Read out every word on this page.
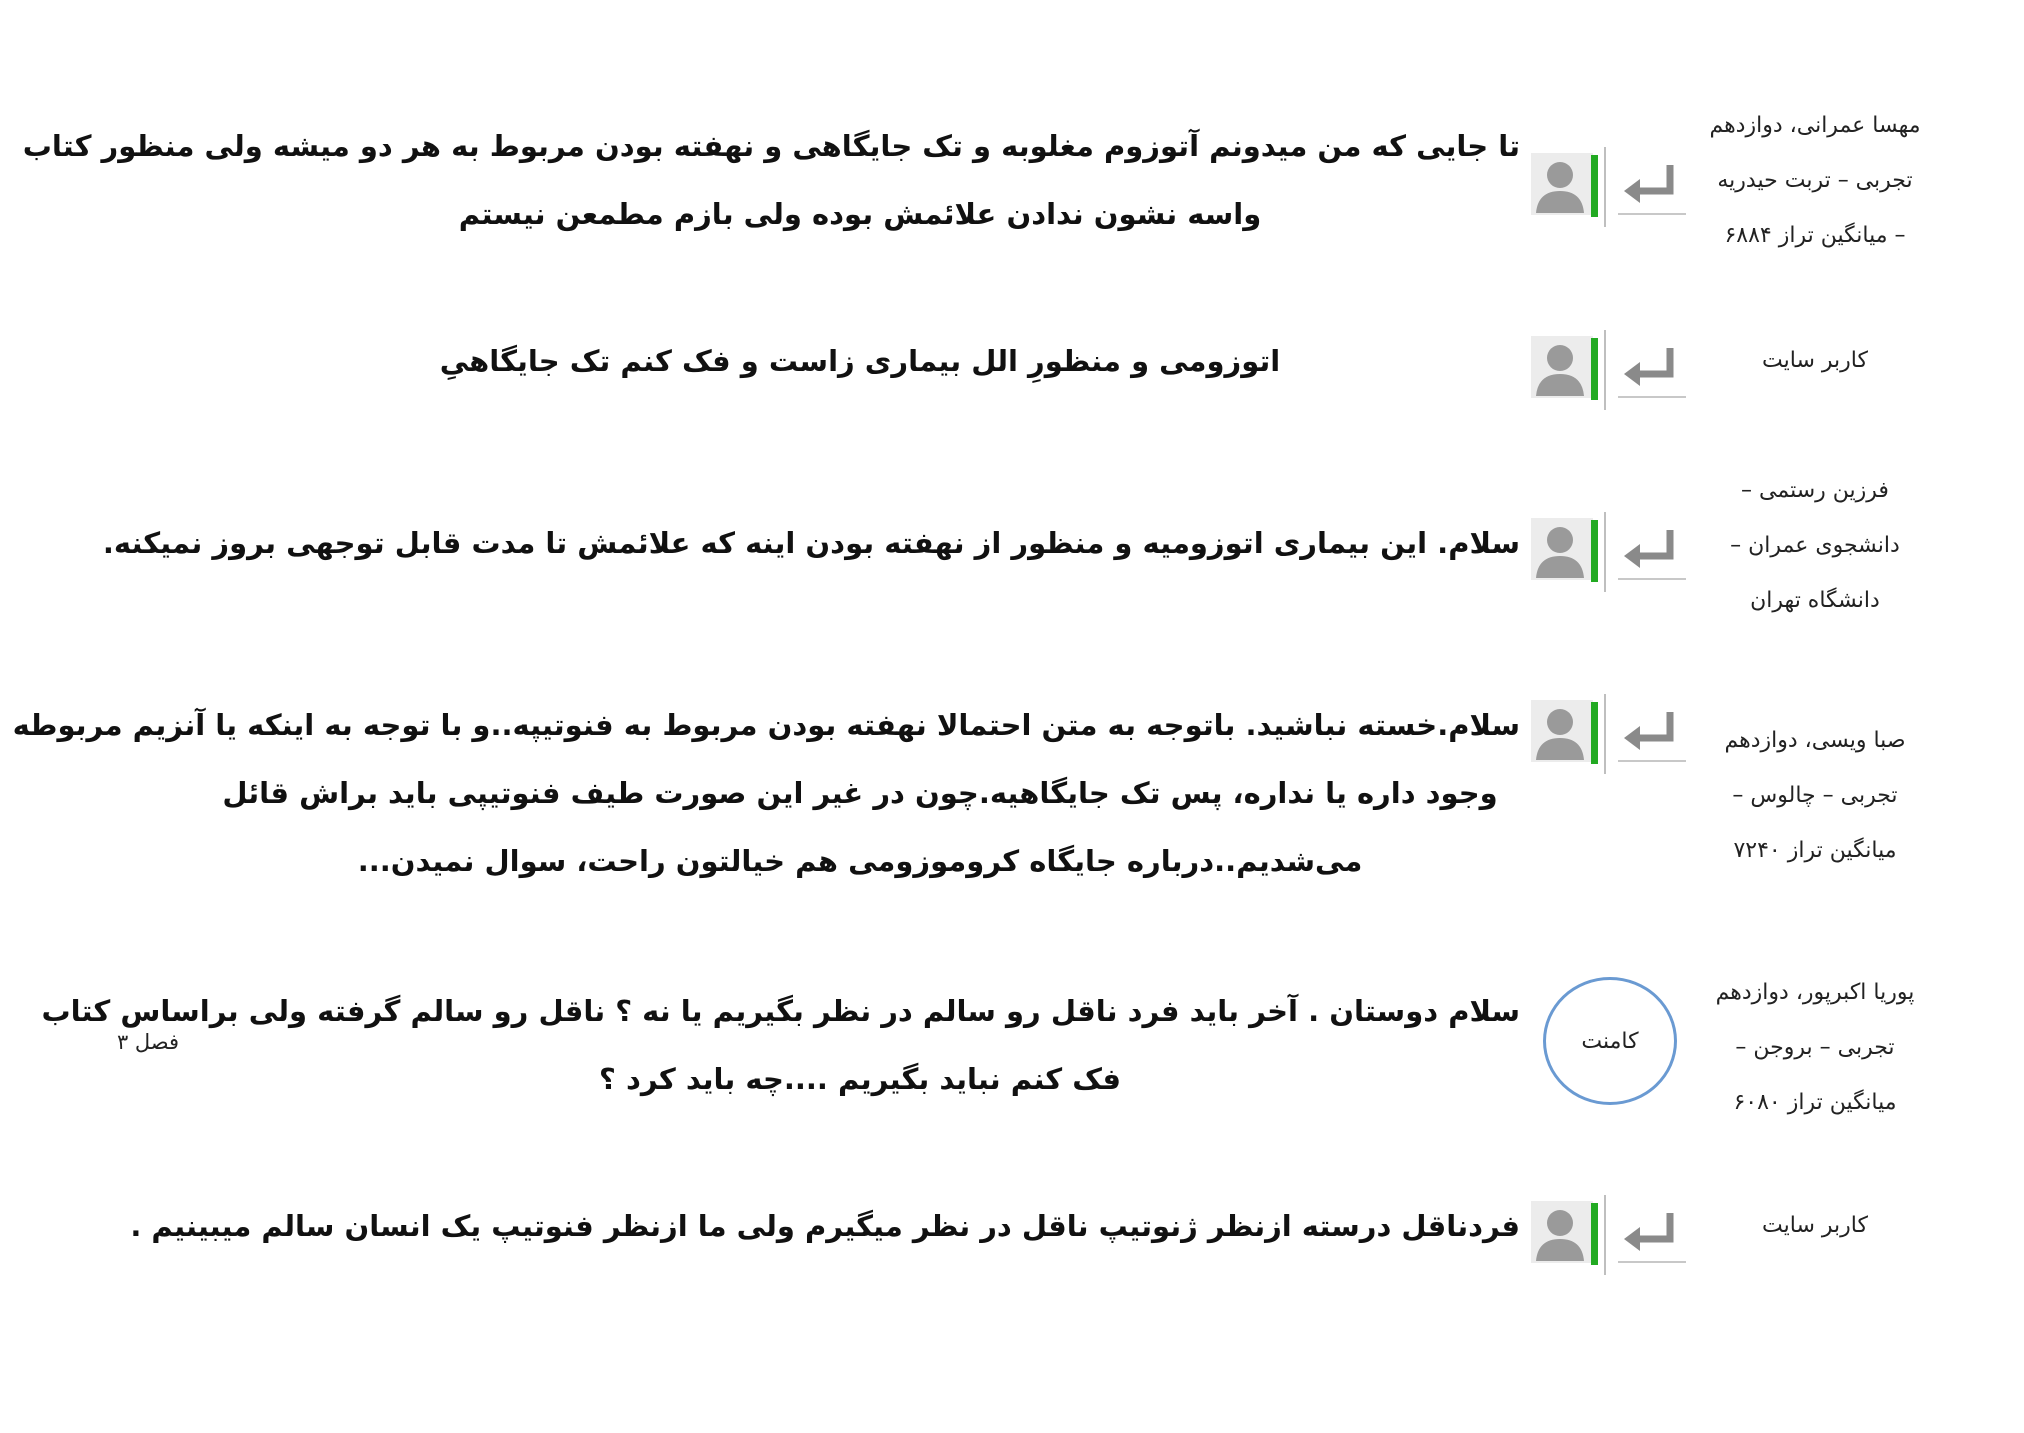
مهسا عمرانی، دوازدهم
تجربی – تربت حیدریه
– میانگین تراز ۶۸۸۴
تا جایی که من میدونم آتوزوم مغلوبه و تک جایگاهی و نهفته بودن مربوط به هر دو میشه ولی منظور کتاب
واسه نشون ندادن علائمش بوده ولی بازم مطمعن نیستم
کاربر سایت
اتوزومی و منظورِ الل بیماری زاست و فک کنم تک جایگاهیِ
فرزین رستمی –
دانشجوی عمران –
دانشگاه تهران
سلام. این بیماری اتوزومیه و منظور از نهفته بودن اینه که علائمش تا مدت قابل توجهی بروز نمیکنه.
صبا ویسی، دوازدهم
تجربی – چالوس –
میانگین تراز ۷۲۴۰
سلام.خسته نباشید. باتوجه به متن احتمالا نهفته بودن مربوط به فنوتیپه..و با توجه به اینکه یا آنزیم مربوطه
وجود داره یا نداره، پس تک جایگاهیه.چون در غیر این صورت طیف فنوتیپی باید براش قائل
می‌شدیم..درباره جایگاه کروموزومی هم خیالتون راحت، سوال نمیدن...
پوریا اکبرپور، دوازدهم
تجربی – بروجن –
میانگین تراز ۶۰۸۰
کامنت
فصل ۳
سلام دوستان . آخر باید فرد ناقل رو سالم در نظر بگیریم یا نه ؟ ناقل رو سالم گرفته ولی براساس کتاب
فک کنم نباید بگیریم ....چه باید کرد ؟
کاربر سایت
فردناقل درسته ازنظر ژنوتیپ ناقل در نظر میگیرم ولی ما ازنظر فنوتیپ یک انسان سالم میبینیم .
